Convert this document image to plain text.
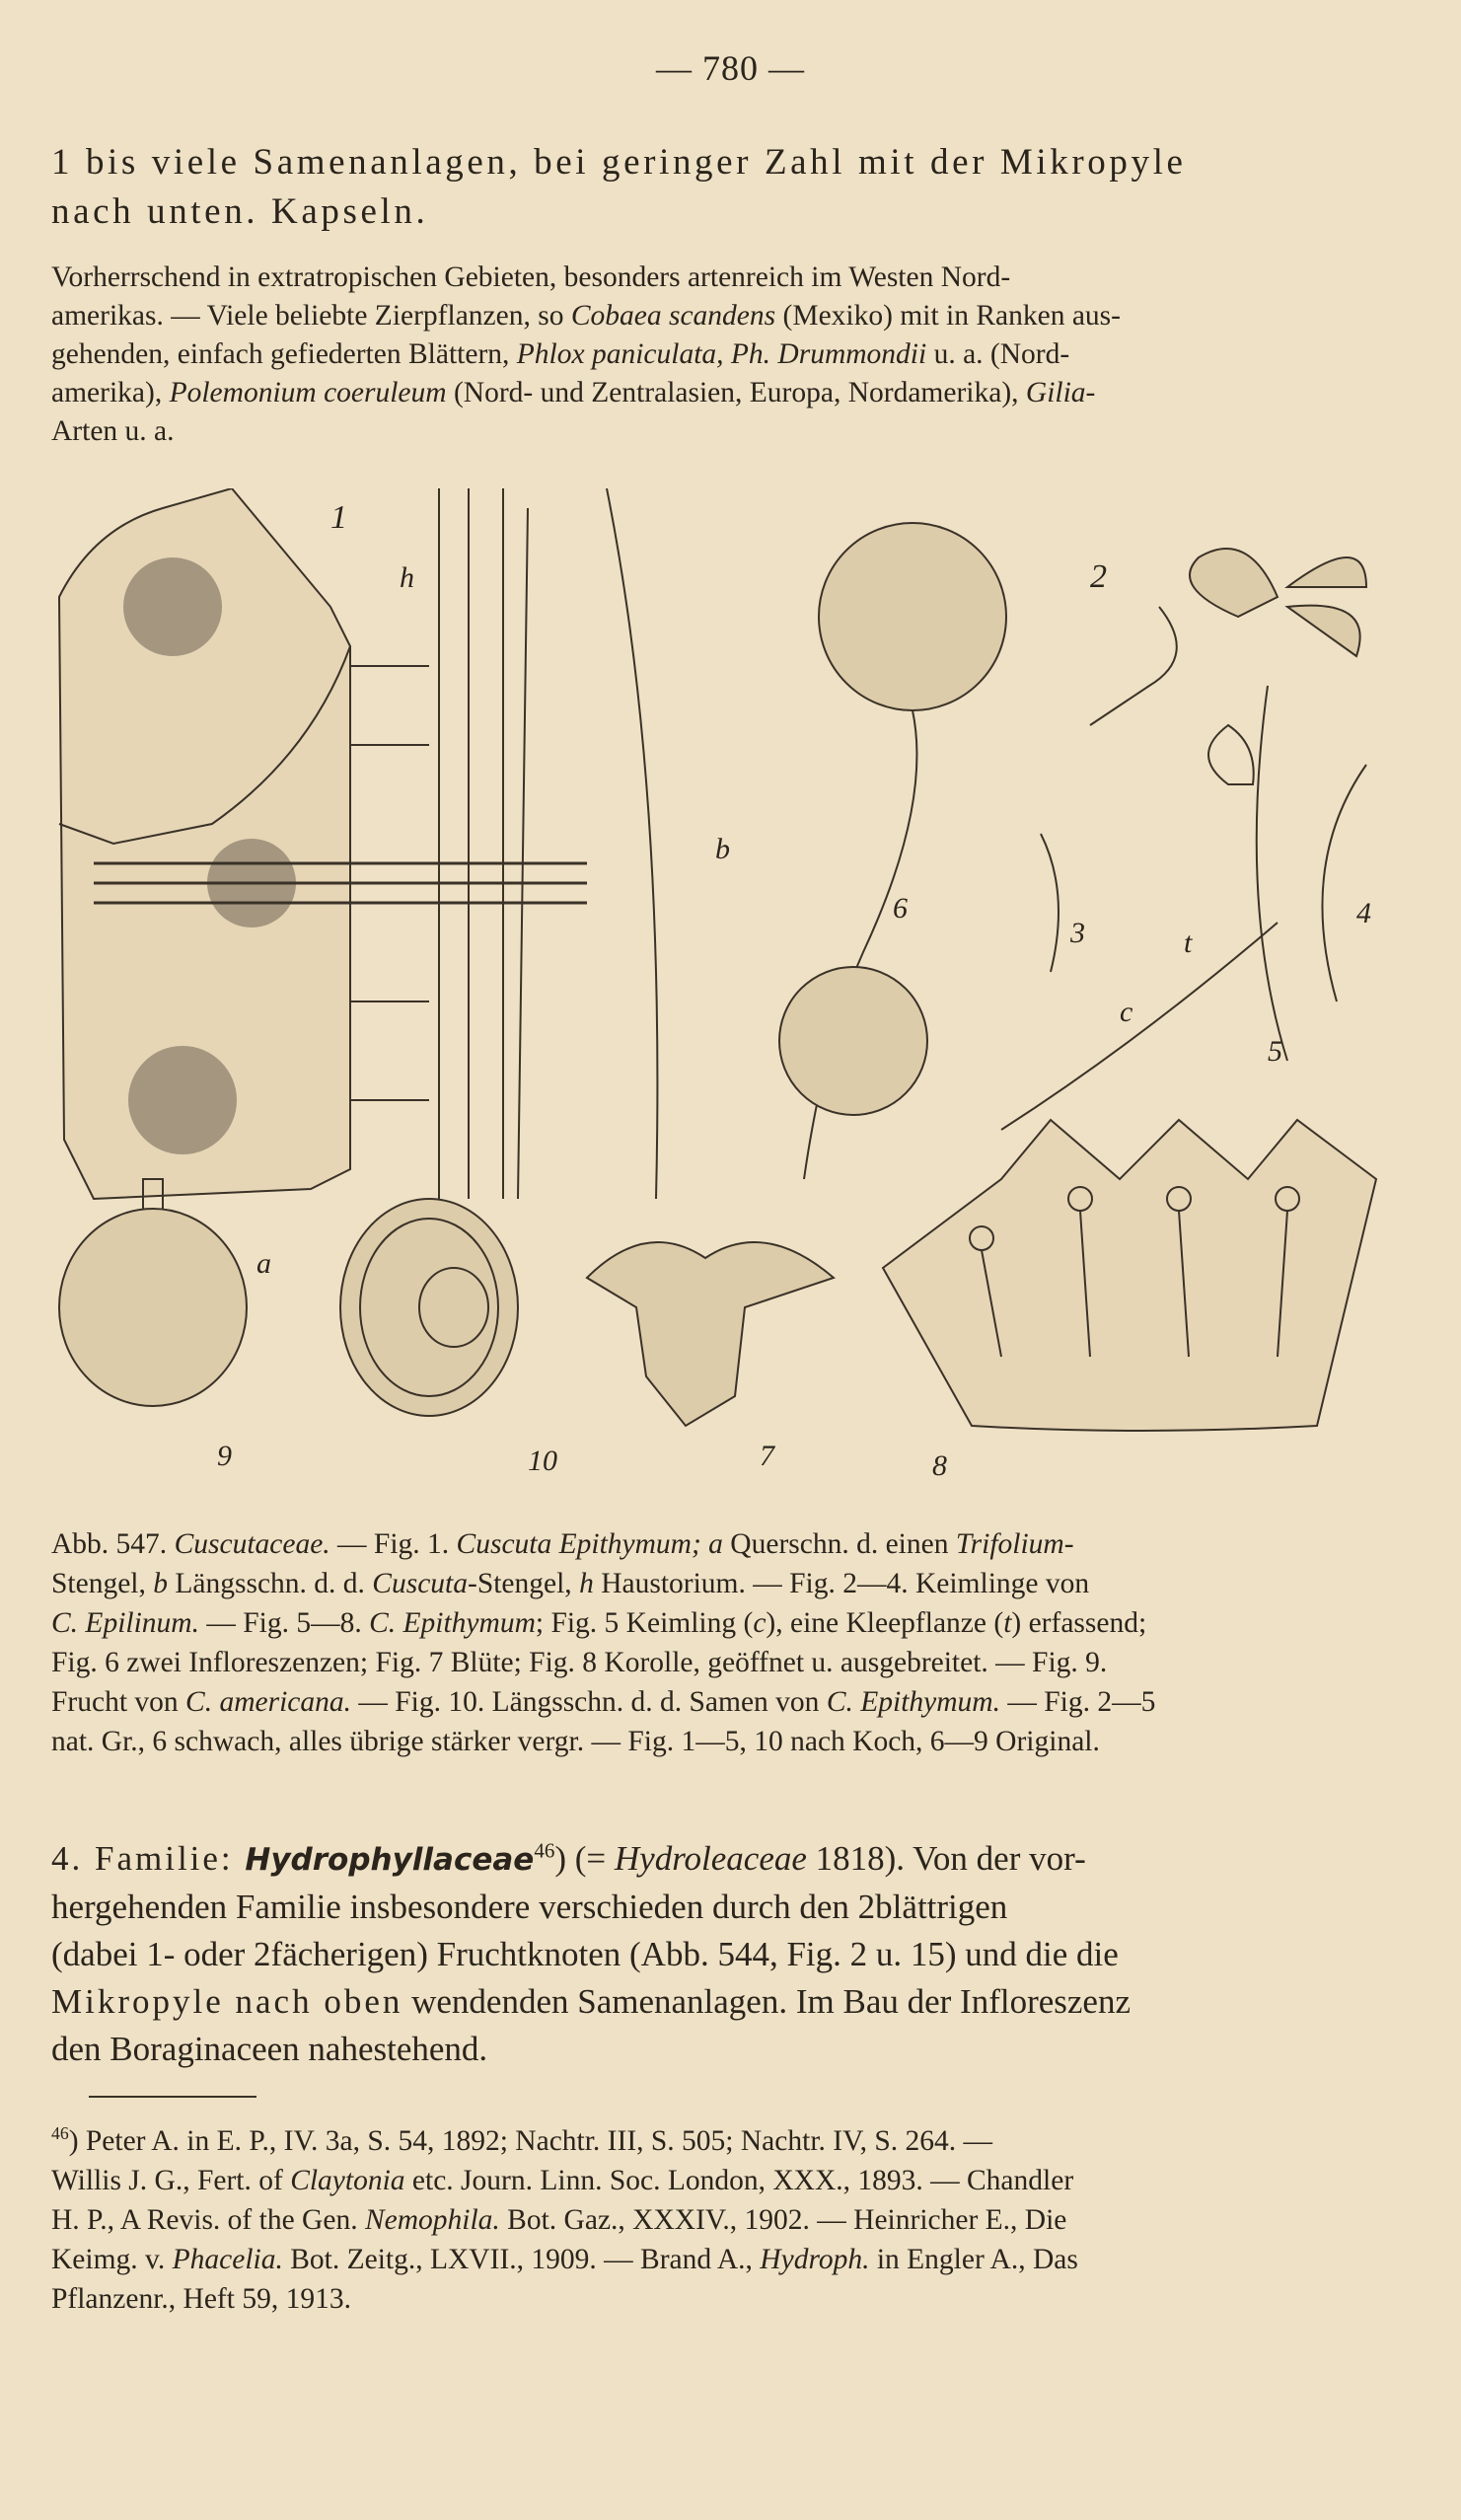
— 780 —
1 bis viele Samenanlagen, bei geringer Zahl mit der Mikropyle
nach unten. Kapseln.
Vorherrschend in extratropischen Gebieten, besonders artenreich im Westen Nord-
amerikas. — Viele beliebte Zierpflanzen, so Cobaea scandens (Mexiko) mit in Ranken aus-
gehenden, einfach gefiederten Blättern, Phlox paniculata, Ph. Drummondii u. a. (Nord-
amerika), Polemonium coeruleum (Nord- und Zentralasien, Europa, Nordamerika), Gilia-
Arten u. a.
1
h
b
2
3
4
5
6
t
c
a
9	10	7	8
Abb. 547. Cuscutaceae. — Fig. 1. Cuscuta Epithymum; a Querschn. d. einen Trifolium-
Stengel, b Längsschn. d. d. Cuscuta-Stengel, h Haustorium. — Fig. 2—4. Keimlinge von
C. Epilinum. — Fig. 5—8. C. Epithymum; Fig. 5 Keimling (c), eine Kleepflanze (t) erfassend;
Fig. 6 zwei Infloreszenzen; Fig. 7 Blüte; Fig. 8 Korolle, geöffnet u. ausgebreitet. — Fig. 9.
Frucht von C. americana. — Fig. 10. Längsschn. d. d. Samen von C. Epithymum. — Fig. 2—5
nat. Gr., 6 schwach, alles übrige stärker vergr. — Fig. 1—5, 10 nach Koch, 6—9 Original.
4. Familie: Hydrophyllaceae$^{46}$) (= Hydroleaceae 1818). Von der vor-
hergehenden Familie insbesondere verschieden durch den 2blättrigen
(dabei 1- oder 2fächerigen) Fruchtknoten (Abb. 544, Fig. 2 u. 15) und die die
Mikropyle nach oben wendenden Samenanlagen. Im Bau der Infloreszenz
den Boraginaceen nahestehend.
$^{46}$) Peter A. in E. P., IV. 3a, S. 54, 1892; Nachtr. III, S. 505; Nachtr. IV, S. 264. —
Willis J. G., Fert. of Claytonia etc. Journ. Linn. Soc. London, XXX., 1893. — Chandler
H. P., A Revis. of the Gen. Nemophila. Bot. Gaz., XXXIV., 1902. — Heinricher E., Die
Keimg. v. Phacelia. Bot. Zeitg., LXVII., 1909. — Brand A., Hydroph. in Engler A., Das
Pflanzenr., Heft 59, 1913.
